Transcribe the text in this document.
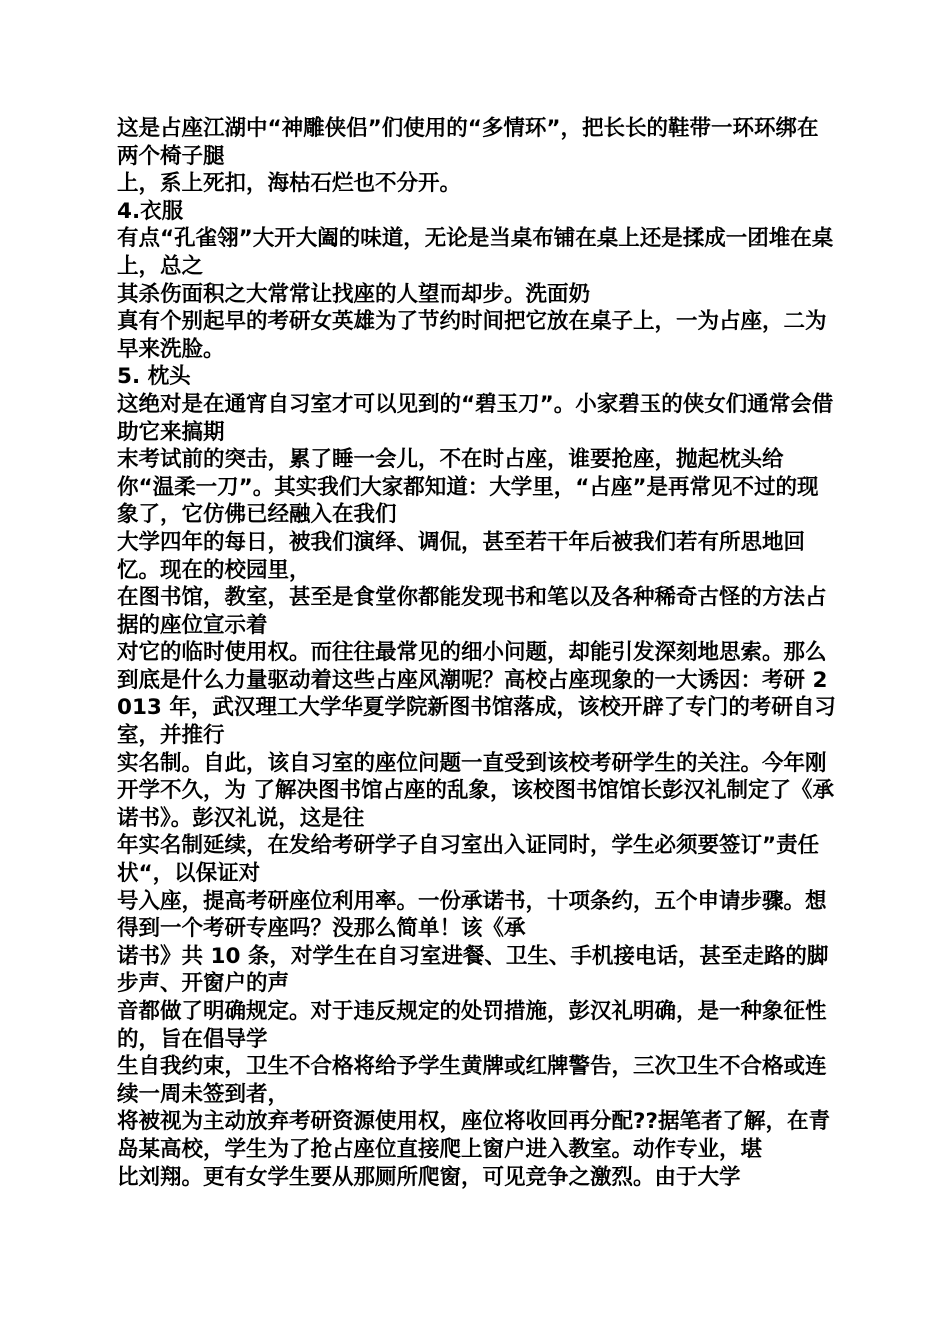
这是占座江湖中“神雕侠侣”们使用的“多情环”，把长长的鞋带一环环绑在两个椅子腿

上，系上死扣，海枯石烂也不分开。

4.衣服

有点“孔雀翎”大开大阖的味道，无论是当桌布铺在桌上还是揉成一团堆在桌上，总之

其杀伤面积之大常常让找座的人望而却步。洗面奶

真有个别起早的考研女英雄为了节约时间把它放在桌子上，一为占座，二为早来洗脸。

5. 枕头

这绝对是在通宵自习室才可以见到的“碧玉刀”。小家碧玉的侠女们通常会借助它来搞期

末考试前的突击，累了睡一会儿，不在时占座，谁要抢座，抛起枕头给你“温柔一刀”。其实我们大家都知道：大学里，“占座”是再常见不过的现象了，它仿佛已经融入在我们

大学四年的每日，被我们演绎、调侃，甚至若干年后被我们若有所思地回忆。现在的校园里，

在图书馆，教室，甚至是食堂你都能发现书和笔以及各种稀奇古怪的方法占据的座位宣示着

对它的临时使用权。而往往最常见的细小问题，却能引发深刻地思索。那么到底是什么力量驱动着这些占座风潮呢？高校占座现象的一大诱因：考研 2013 年，武汉理工大学华夏学院新图书馆落成，该校开辟了专门的考研自习室，并推行

实名制。自此，该自习室的座位问题一直受到该校考研学生的关注。今年刚开学不久，为 了解决图书馆占座的乱象，该校图书馆馆长彭汉礼制定了《承诺书》。彭汉礼说，这是往

年实名制延续，在发给考研学子自习室出入证同时，学生必须要签订”责任状“，以保证对

号入座，提高考研座位利用率。一份承诺书，十项条约，五个申请步骤。想得到一个考研专座吗？没那么简单！该《承

诺书》共 10 条，对学生在自习室进餐、卫生、手机接电话，甚至走路的脚步声、开窗户的声

音都做了明确规定。对于违反规定的处罚措施，彭汉礼明确，是一种象征性的，旨在倡导学

生自我约束，卫生不合格将给予学生黄牌或红牌警告，三次卫生不合格或连续一周未签到者，

将被视为主动放弃考研资源使用权，座位将收回再分配??据笔者了解，在青岛某高校，学生为了抢占座位直接爬上窗户进入教室。动作专业，堪

比刘翔。更有女学生要从那厕所爬窗，可见竞争之激烈。由于大学
